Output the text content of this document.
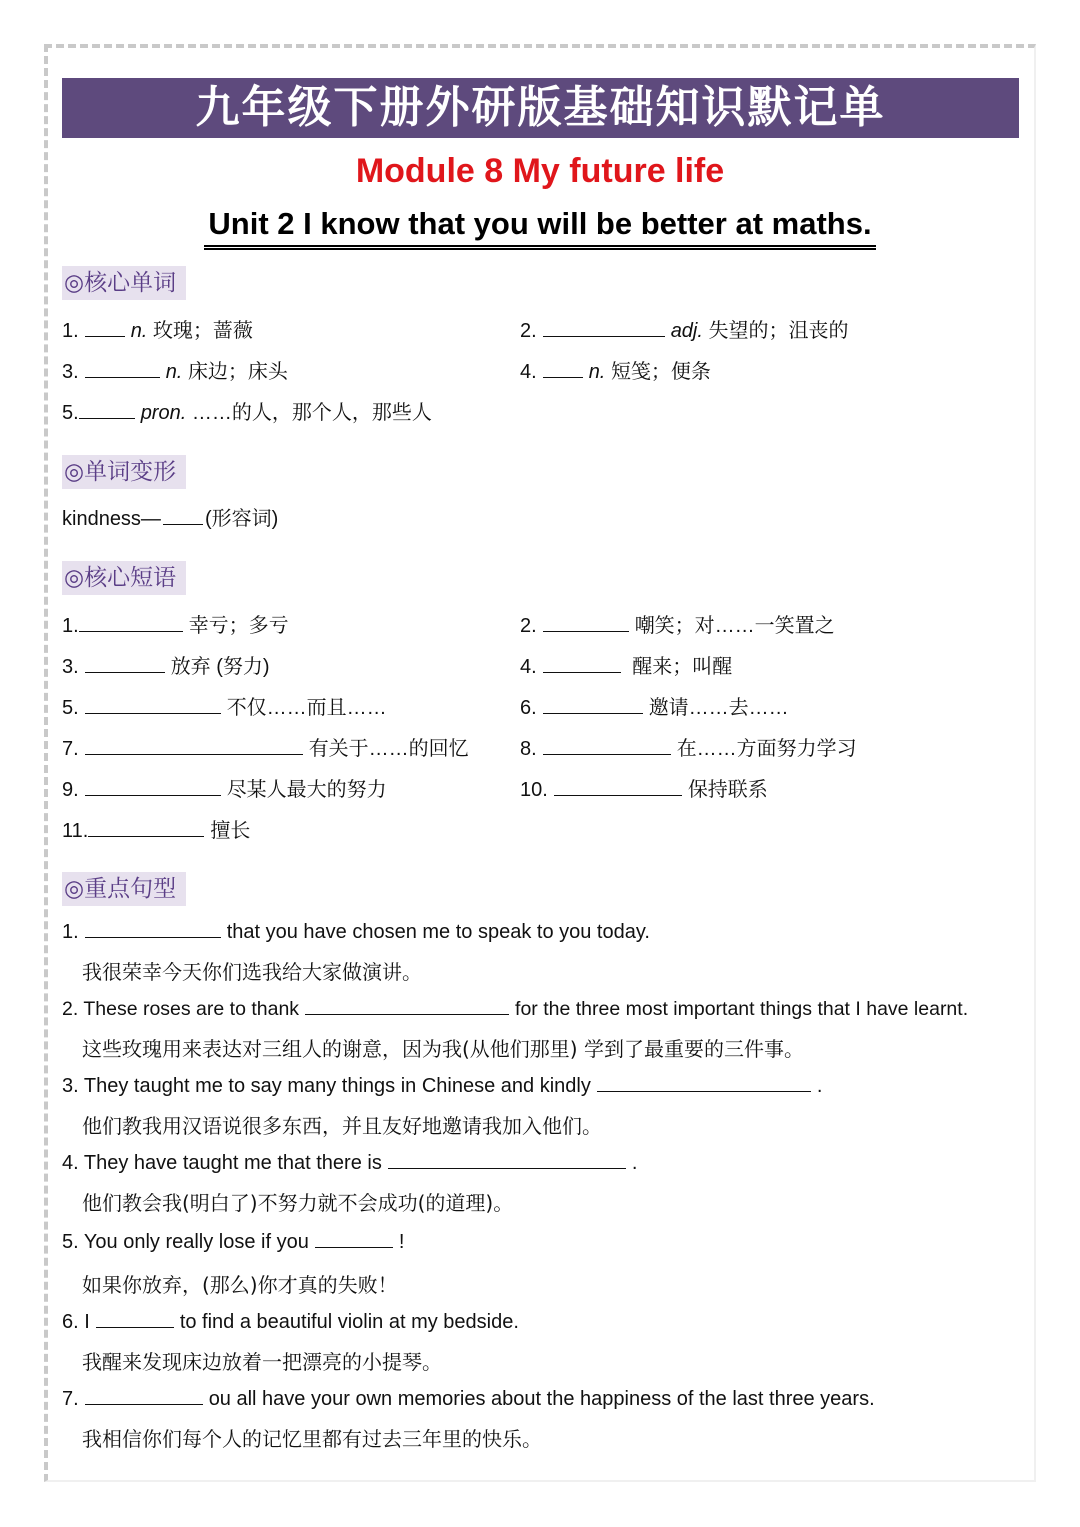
九年级下册外研版基础知识默记单
Module 8 My future life
Unit 2 I know that you will be better at maths.
◎核心单词
1.	n. 玫瑰；蔷薇	2.	adj. 失望的；沮丧的
3.	n. 床边；床头	4.	n. 短笺；便条
5.	pron. ……的人，那个人，那些人
◎单词变形
kindness— (形容词)
◎核心短语
1.	幸亏；多亏	2.	嘲笑；对……一笑置之
3.	放弃 (努力)	4.	醒来；叫醒
5.	不仅……而且……	6.	邀请……去……
7.	有关于……的回忆	8.	在……方面努力学习
9.	尽某人最大的努力	10.	保持联系
11.	擅长
◎重点句型
1.	that you have chosen me to speak to you today.
我很荣幸今天你们选我给大家做演讲。
2. These roses are to thank	for the three most important things that I have learnt.
这些玫瑰用来表达对三组人的谢意，因为我(从他们那里) 学到了最重要的三件事。
3. They taught me to say many things in Chinese and kindly	.
他们教我用汉语说很多东西，并且友好地邀请我加入他们。
4. They have taught me that there is	.
他们教会我(明白了)不努力就不会成功(的道理)。
5. You only really lose if you	!
如果你放弃，(那么)你才真的失败！
6. I	to find a beautiful violin at my bedside.
我醒来发现床边放着一把漂亮的小提琴。
7.	ou all have your own memories about the happiness of the last three years.
我相信你们每个人的记忆里都有过去三年里的快乐。
